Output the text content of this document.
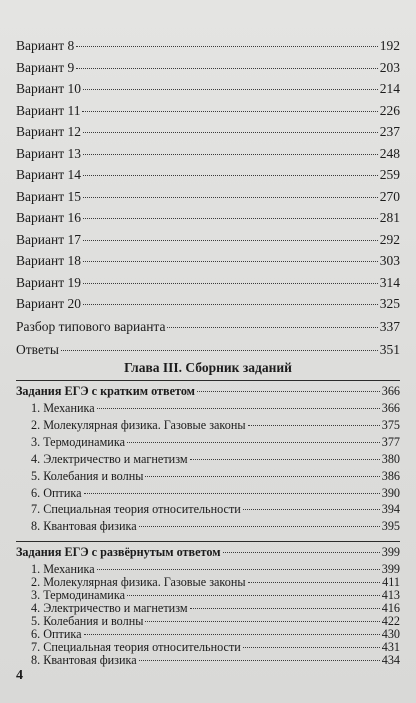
Вариант 8	192
Вариант 9	203
Вариант 10	214
Вариант 11	226
Вариант 12	237
Вариант 13	248
Вариант 14	259
Вариант 15	270
Вариант 16	281
Вариант 17	292
Вариант 18	303
Вариант 19	314
Вариант 20	325
Разбор типового варианта	337
Ответы	351
Глава III. Сборник заданий
Задания ЕГЭ с кратким ответом	366
1. Механика	366
2. Молекулярная физика. Газовые законы	375
3. Термодинамика	377
4. Электричество и магнетизм	380
5. Колебания и волны	386
6. Оптика	390
7. Специальная теория относительности	394
8. Квантовая физика	395
Задания ЕГЭ с развёрнутым ответом	399
1. Механика	399
2. Молекулярная физика. Газовые законы	411
3. Термодинамика	413
4. Электричество и магнетизм	416
5. Колебания и волны	422
6. Оптика	430
4
7. Специальная теория относительности	431
8. Квантовая физика	434
